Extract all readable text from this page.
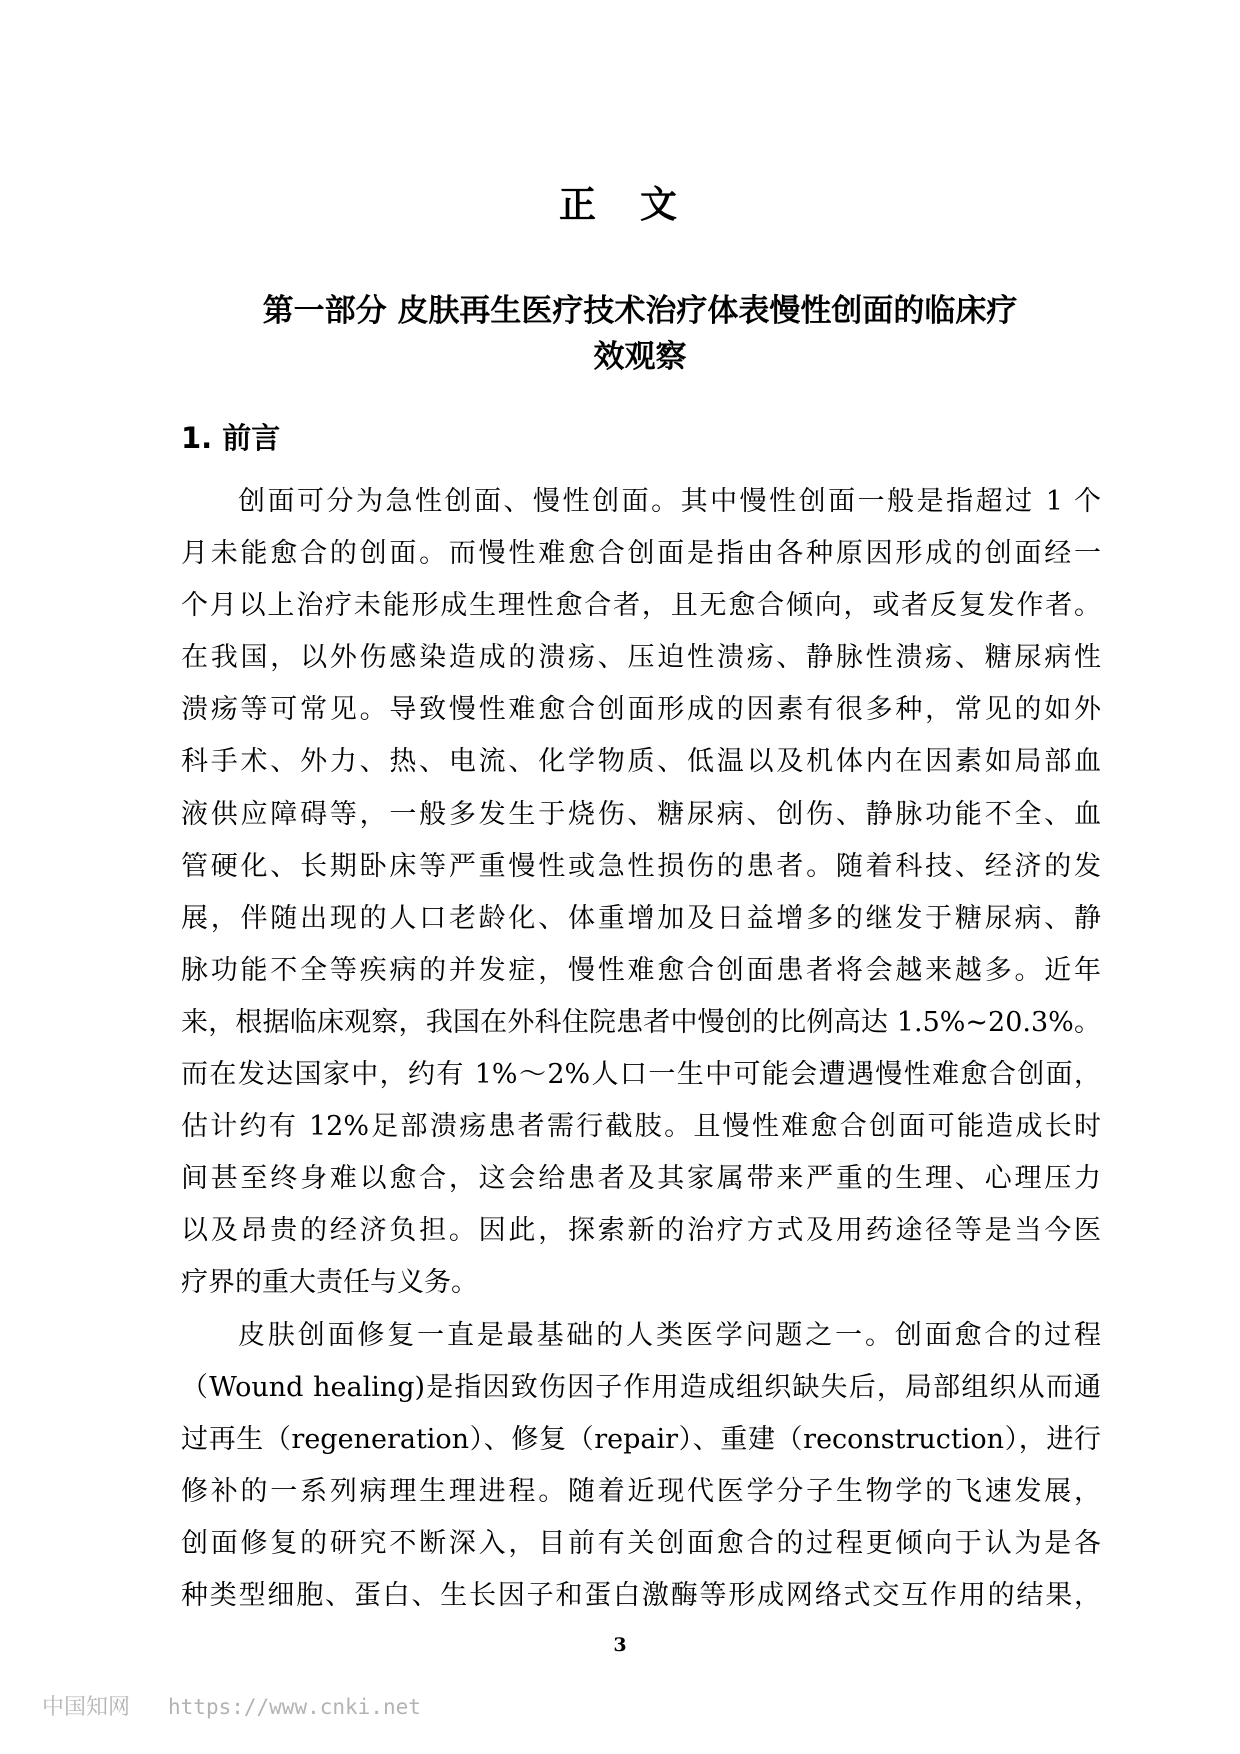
正 文
第一部分 皮肤再生医疗技术治疗体表慢性创面的临床疗
效观察
1. 前言
创面可分为急性创面、慢性创面。其中慢性创面一般是指超过 1 个
月未能愈合的创面。而慢性难愈合创面是指由各种原因形成的创面经一
个月以上治疗未能形成生理性愈合者，且无愈合倾向，或者反复发作者。
在我国，以外伤感染造成的溃疡、压迫性溃疡、静脉性溃疡、糖尿病性
溃疡等可常见。导致慢性难愈合创面形成的因素有很多种，常见的如外
科手术、外力、热、电流、化学物质、低温以及机体内在因素如局部血
液供应障碍等，一般多发生于烧伤、糖尿病、创伤、静脉功能不全、血
管硬化、长期卧床等严重慢性或急性损伤的患者。随着科技、经济的发
展，伴随出现的人口老龄化、体重增加及日益增多的继发于糖尿病、静
脉功能不全等疾病的并发症，慢性难愈合创面患者将会越来越多。近年
来，根据临床观察，我国在外科住院患者中慢创的比例高达 1.5%~20.3%。
而在发达国家中，约有 1%～2%人口一生中可能会遭遇慢性难愈合创面，
估计约有 12%足部溃疡患者需行截肢。且慢性难愈合创面可能造成长时
间甚至终身难以愈合，这会给患者及其家属带来严重的生理、心理压力
以及昂贵的经济负担。因此，探索新的治疗方式及用药途径等是当今医
疗界的重大责任与义务。
皮肤创面修复一直是最基础的人类医学问题之一。创面愈合的过程
（Wound healing)是指因致伤因子作用造成组织缺失后，局部组织从而通
过再生（regeneration）、修复（repair）、重建（reconstruction），进行
修补的一系列病理生理进程。随着近现代医学分子生物学的飞速发展，
创面修复的研究不断深入，目前有关创面愈合的过程更倾向于认为是各
种类型细胞、蛋白、生长因子和蛋白激酶等形成网络式交互作用的结果，
3
中国知网 https://www.cnki.net
